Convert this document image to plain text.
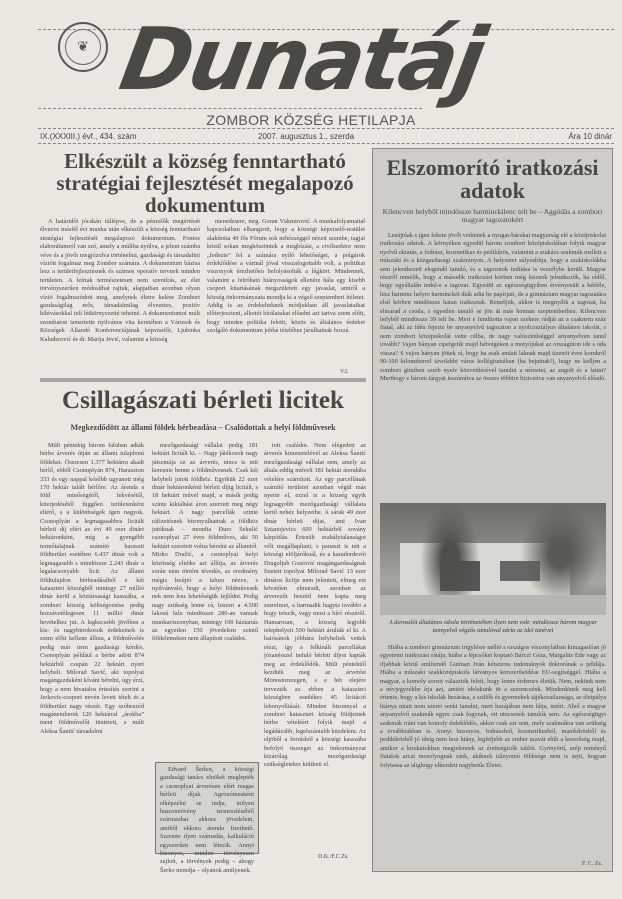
❦ Dunatáj
ZOMBOR KÖZSÉG HETILAPJA
IX.(XXXIII.) évf., 434. szám	2007. augusztus 1., szerda	Ára 10 dinár
Elkészült a község fenntartható stratégiai fejlesztését megalapozó dokumentum

A határidőt jócskán túllépve, de a pénzelők megértését élvezve másfél évi munka után elkészült a község fenntartható stratégiai fejlesztését megalapozó dokumentum. Fontos elaborátumról van szó, amely a múltba nyúlva, a jelent számba véve és a jövőt megjózolva történelmi, gazdasági és társadalmi vízióit fogalmaz meg Zombor számára. A dokumentum bázisa lesz a területfejlesztésnek és számos operatív tervnek minden területen. A leírtak természetesen nem szentírás, az élet törvényszerűen módosíthat rajtuk, alapjaiban azonban olyan vízió fogalmazódott meg, amelynek életre kelése Zombort gazdaságilag erős, társadalmilag élvezetes, pozitív kihívásokkal teli létkörnyezetté tehetné. A dokumentumot múlt szombaton ismertette nyilvános vita keretében a Városok és Községek Állandó Konferenciájának képviselői, Ljubinka Kaluđerović és dr. Marija Jević, valamint a község

menedzsere, mrg. Goran Vukmirović. A munkafolyamattal kapcsolatban elhangzott, hogy a községi képviselő-testület alakította 40 fős Fórum sok nehézséggel nézett szembe, tagjai közül sokan megköszöntek a megbízást, a civilszektor nem „fedezte” fel a számára nyíló lehetőséget, a polgárok érdeklődése a vártnál jóval visszafogottabb volt, a politikai viszonyok érezhetően befolyásolták a légkört. Mindennek, valamint a felróható hiányosságok ellenére hála egy kisebb csoport kitartásának megszületett egy javaslat, amiről a község önkormányzata mondja ki a végső szeptemberi ítéletet. Addig is az érdekelteknek módjukban áll javaslataikat előterjeszteni, alkotói bírálatukat előadni azt tartva szem előtt, hogy minden politika feletti, közös és általános érdeket szolgáló dokumentum jobbá tételéhez járulhatnak hozzá.

V.I.
Csillagászati bérleti licitek
Megkezdődött az állami földek bérbeadása – Csalódottak a helyi földművesek

Múlt péntekig három faluban adták bérbe árverés útján az állami tulajdonú földeket. Összesen 1.377 hektárra akadt bérlő, ebből Csonoplyán 874, Haraszton 333 és egy nappal később ugyanott még 170 hektár talált bérlőre. Az árenda a föld minőségétől, fekvésétől, kiterjedésétől függően területenként eltérő, s a különbségek igen nagyok. Csonoplyán a legmagasabbra licitált bérleti díj eléri az évi 49 ezer dinárt hektáronként, míg a gyengébb termőtalajnak számító haraszti földterület esetében 6.437 dinár volt a legmagasabb s mindössze 2.243 dinár a legalacsonyabb licit. Az állami földtulajdon bérbeadásából e két kataszteri községből mintegy 27 millió dinár kerül a köztársasági kasszába, a zombori község költségvetése pedig hozzávetőlegesen 11 millió dinár bevételhez jut. A legkecsebb jövőben a kis- és nagybirtokosok érdekeinek is szem előtt kellene állnia, a földművelés pedig már nem gazdasági kérdés. Csonoplyán például a bérbe adott 874 hektárból csupán 22 hektárt nyert helybeli. Milorad Savić, aki topolyai magángazdaként kívánt bérelni, úgy érzi, hogy a nem hivatalos értesítés szerint a Jerkovic-csoport nevén levett tételt és a földterület nagy részét. Egy szóbeszéd magánemberek 120 hektárral „árokba” ment földművelőt tüntetett, s múlt Aleksa Šantić társadalmi

mezőgazdasági vállalat pedig 181 hektárt licitált ki. – Nagy játékosok nagy játszmája ez az árverés, nincs is mit keresnie benne a földművesnek. Csak két helybeli jutott földhöz. Egyikük 22 ezer dinár hektáronkénti bérleti díjig licitált, s 18 hektárt művel majd, a másik pedig szinte kikiáltási áron szerzett meg négy hektárt. A nagy parcellák szinte ráfizetésnek bizonyulhatnak a földhöz jutóknak – mondta Đuro Sekulić csonoplyai 27 éves földműves, aki 50 hektárt szeretett volna bérelni az államtól. Mirko Dražić, a csonoplyai helyi közösség elnöke azt állítja, az árverés során nem történt tévedés, az eredmény mégis lesújtó a falura nézve, s nyilvánvaló, hogy a helyi földművesek nek nem lesz lehetőségük fejlődni. Pedig nagy szükség lenne rá, hiszen a 4.500 lakosú falu mindössze 280-an vannak munkaviszonyban, mintegy 100 háztartás az egyetlen 150 jövedelem szintű földelemeken nem állapított családot.

Edvard Šerkot, a községi gazdasági tanács elnökét meglepték a csonoplyai árverésen elért magas bérleti díjak. Agronómusként elképzelni se tudja, milyen haszonnövény termesztéséből származhat akkora jövedelem, amiből ekkora árenda fizethető. Szerinte ilyen számadás, kalkuláció egyszerűen nem létezik. Annyi bizonyos, minden törvényesen zajlott, a törvények pedig – ahogy Šerko mondja – olyanok amilyenek.

tott családot. Nem elégedett az árverés kimenetelével az Aleksa Šantić mezőgazdasági vállalat sem, amely az általa eddig művelt 181 hektár árendába vételére számított. Az egy parcellának számító területet azonban végül más nyerte el, ezzel is a község egyik legnagyobb mezőgazdasági vállalata kerül nehéz helyzetbe. A sárak 49 ezer dinár bérleti díjat, ami Ivan Sztanojevics 600 hektárból sovány kárpótlás. Értesült szabálytalanságot vélt megállapítani, s panaszt is tett a községi elöljáróknál, és a karadordevói Dragoljub Gostović magángazdaságnak fizetett topolyai Milorad Savić 13 ezer dináros licitje nem jelentett, elmeg ezt követően elmaradt, azonban az árverezőt beszéd nem kapta meg szerelmet, a harmadik hagyta további a hogy tetszik, vagy most a bíró részéről. Hamarosan, a község legjobb telephelyeit 500 hektárt árulták el ki. A hatósánok jóbbára helybeliek vettek részt, így a felkínált parcellákat józanésszel induló bérleti díjon kapták meg az érdeklődők. Múlt péntektől kezdték meg az árverést Monostorszegen, s e hét elejére tervezték az ebben a kataszteri községben esedékes 45 licitáció lebonyolítását. Minden bizonnyal a zombori kataszteri község földjeinek bérbe vételéért folyik majd a legádázabb, legelszántabb küzdelem. Az eljöből a forrásból a községi kasszába befolyó összeget az önkormányzat kizárólag mezőgazdasági szükségletekre költheti el.

D.K./F.C.Zs.
Elszomorító iratkozási adatok
Kilencven helyből mindössze harminckilenc telt be – Aggódás a zombori magyar tagozatokért

Lesújtóak s igen fekete jövőt vetítenek a nyugat-bácskai magyarság elé a középiskolai iratkozási adatok. A környéken egyedül három zombori középiskolában folyik magyar nyelvű oktatás, a fodrász, kozmetikus és pedikűrös, valamint a szakács szakmák mellett a műszaki és a közgazdasági szakirányon. A helyzetet súlyosbítja, hogy a szakiskolákba sem jelentkezett elegendő tanuló, és a tagozatok indítása is veszélybe került. Magyar részről remélik, hogy a második iratkozási körben még lesznek jelentkezők, ha eldől, hogy egyáltalán indul-e a tagozat. Egyedül az egészségügyiben érvényesült a hétféle, hisz harminc helyre harminckét diák adta be papírjait, de a gimnázium magyar tagozatára első körben mindössze hatan iratkoztak. Reméljük, akkor is megnyílik a tagozat, ha elmarad a csoda, s egyetlen tanuló se jön át más honnan szeptemberben. Kilencven helyből mindössze 39 telt be. Mert e fundította vajon szekere rúdját az a csaknem száz fiatal, aki az idén fejezte be anyanyelvű tagozaton a nyolcosztályos általános iskolát, s nem zombori középiskolát vette célba, de nagy valószínűséggel anyanyelven tanul tovább? Vajon hányan cipelgetik majd hétvégeken a motyójukat az országúton ide s oda vissza? S vajon hányan jöttek rá, hogy ha esak amiatt laknak majd tizenöt éves korukról 90-100 kilométerrel távolabbi város kollégiumában (ha bejutnak!), hogy ne kelljen a zombori gimiben szerb nyelv közvetítésével tanulni a németet, az angolt és a latint? Merthogy e három tárgyat leszámítva az összes többire biztosítva van anyanyelvű előadó.

A doroszlói általános iskola történetében ilyen nem volt: mindössze három magyar tannyelvű végzős tanulóval zárta az idei tanévet

Hiába a zombori gimnázium irigylésre méltó s országos viszonylatban kimagaslóan jó egyetemi iratkozási rátája, hiába a lépcsőket koptató Bárczi Géza, Margalits Ede vagy az ifjabbak közül említendő Gutman Iván kétszeres tudományok doktorának a példája. Hiába a műszaki szakközépiskola látványos korszerűsödése EU-segítséggel. Hiába a magyar, a komoly sorsot választók felett, hogy lenne érdemes életük. Nem, nekünk nem a névjegyzékbe írja azt, amiért idelakunk itt a szerencsénk. Mindenkinek meg kell értenie, hogy a kis iskolák bezárása, a szülők és gyermekek tájékozatlansága, az életpálya hiánya miatt nem szeret senki tanulni, mert hazájában nem látja, miért. Ahol a magyar anyanyelvű szakmák egyre csak fogynak, ott nincsenek tanulók sem. Az egészségügyi szakmák iránt van komoly érdeklődés, akkor csak azt sem, mely szakmákra van szükség a továbbiakban is. Annyi bizonyos, fodrászból, kozmetikusból, manikűrösből és pedikűrösből jó ideig nem lesz hiány, legfeljebb az ember szavát elüli a keserűség majd, amikor a kirakatokban megjelennek az érettségizők tablói. Gyönyörű, szép reményű fiatalok arcai mosolyognak ránk, akiknek túlnyomó többsége nem is sejti, hogyan folytassa az alighogy elkezdett nagybetűs Életet.

F. C. Zs.
